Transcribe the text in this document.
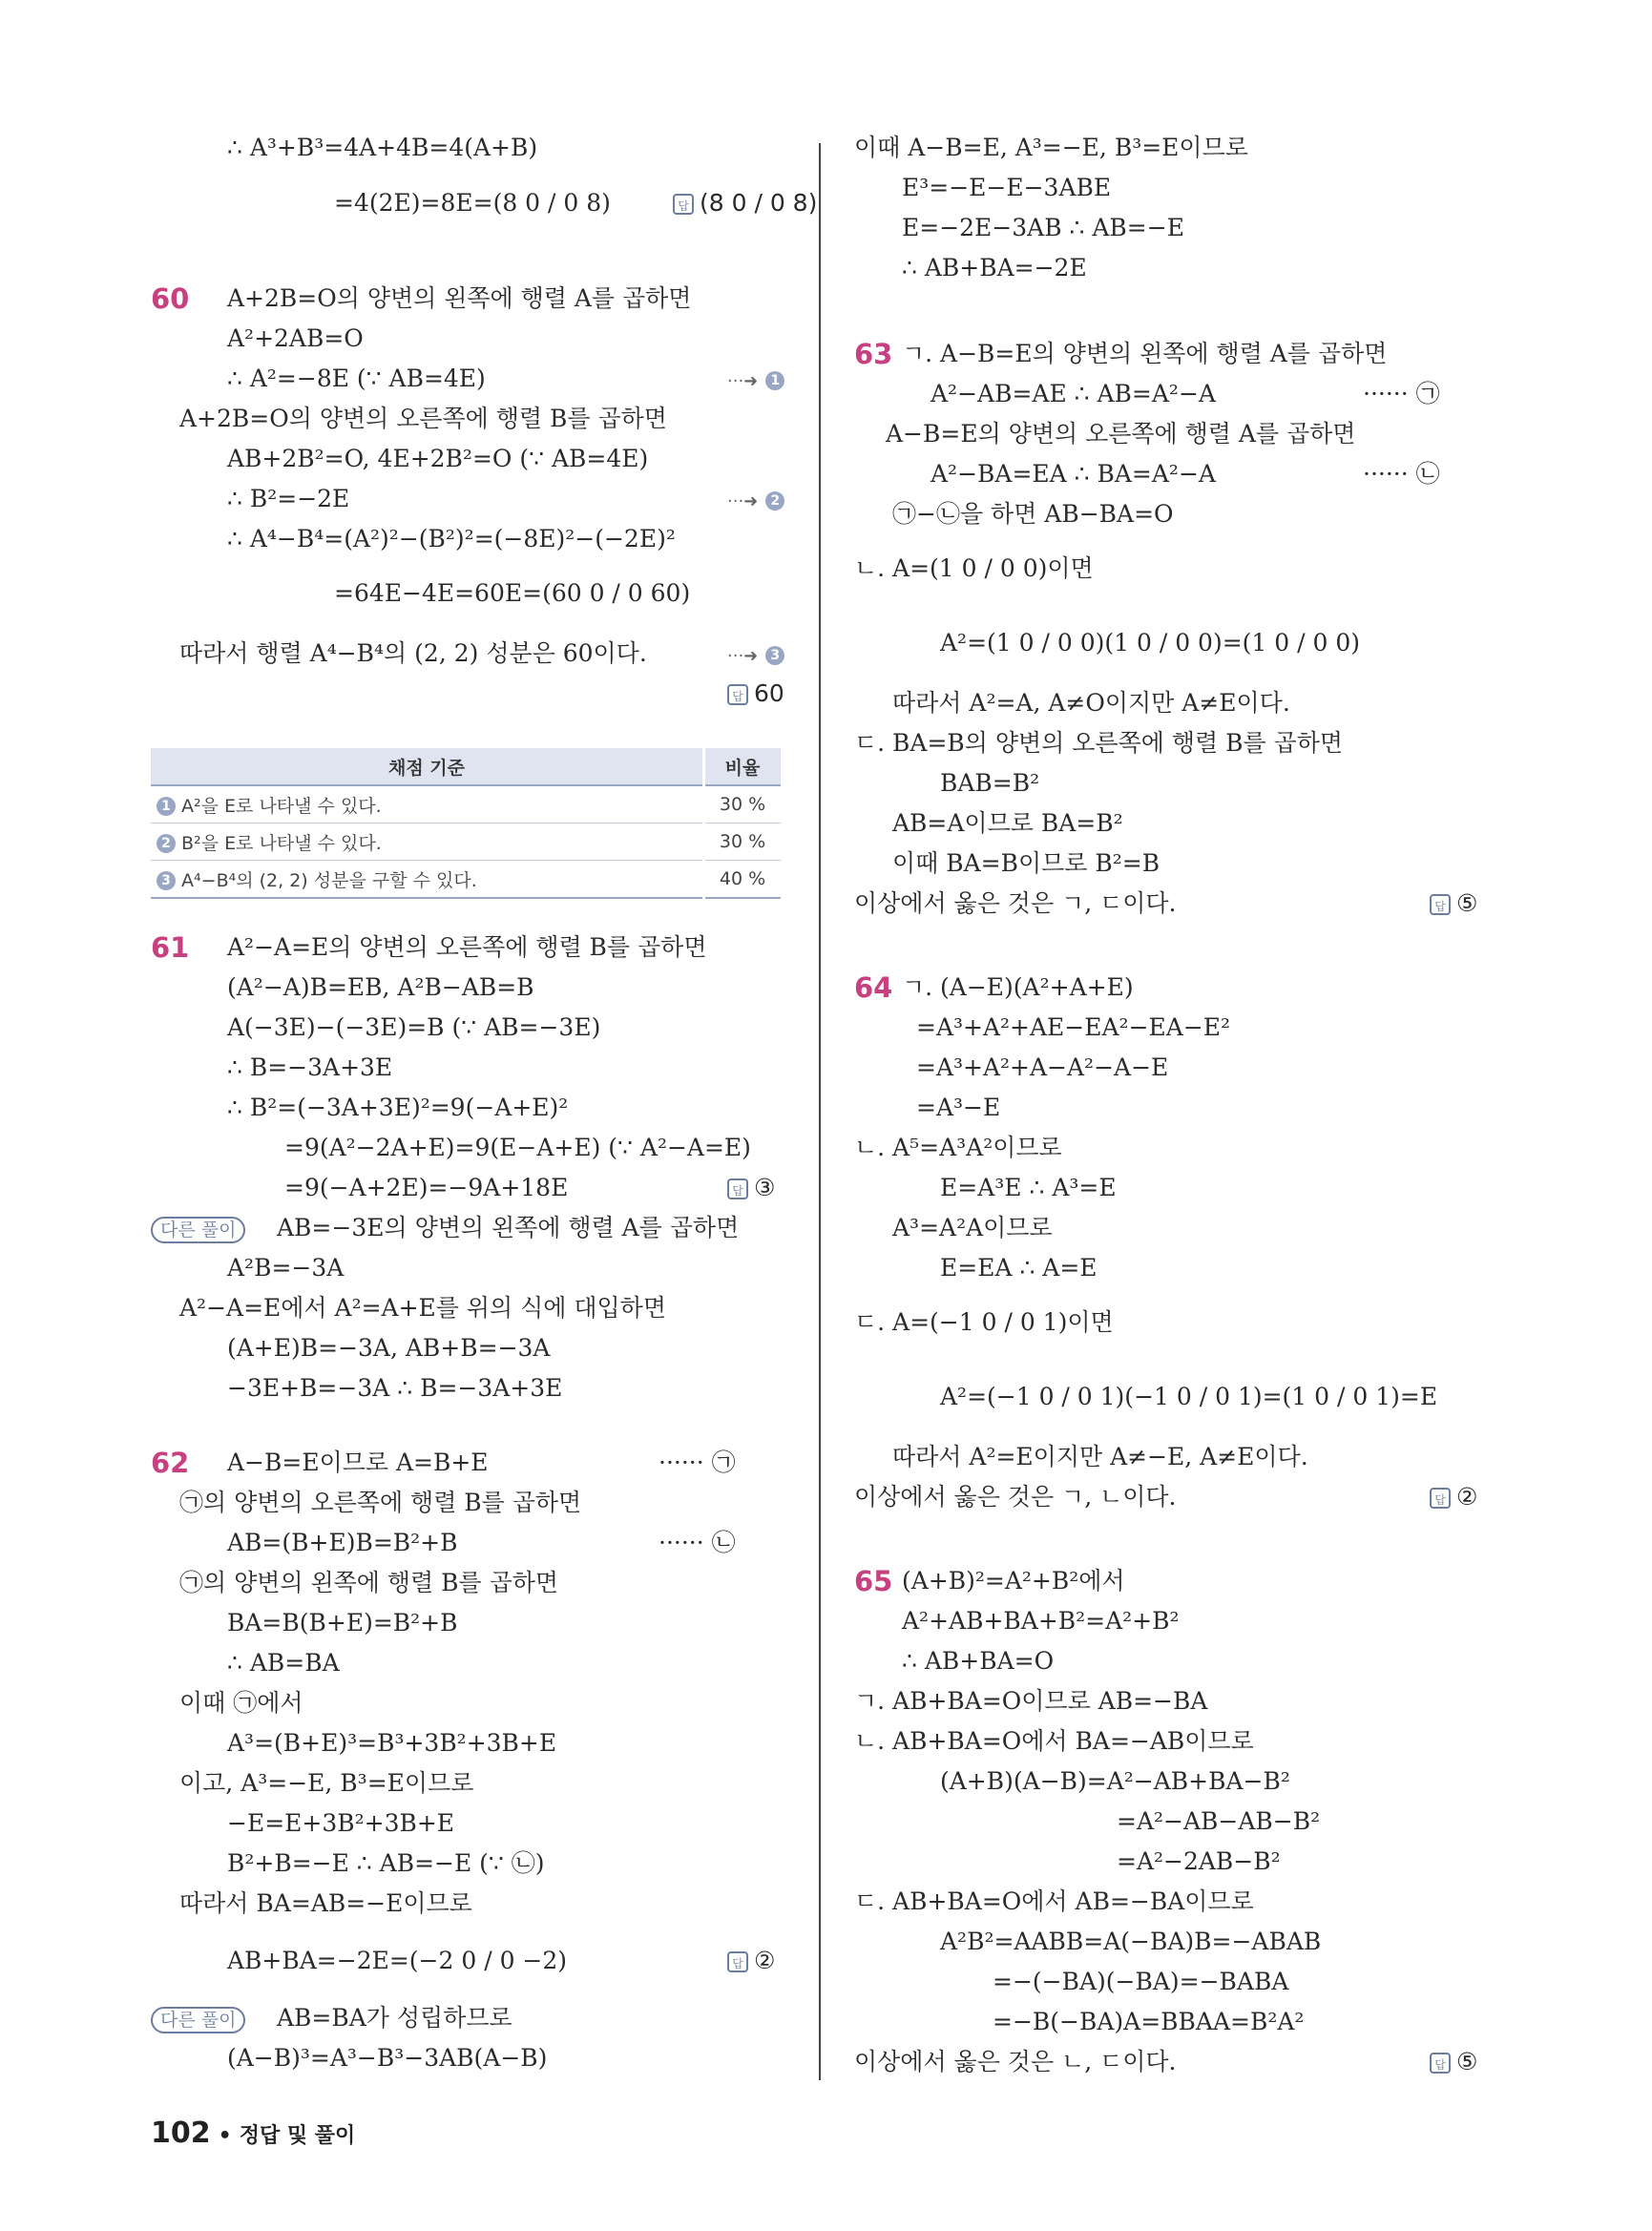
∴ A³+B³=4A+4B=4(A+B)
=4(2E)=8E=(8 0 / 0 8)
A+2B=O의 양변의 왼쪽에 행렬 A를 곱하면
A²+2AB=O
∴ A²=−8E (∵ AB=4E)
A+2B=O의 양변의 오른쪽에 행렬 B를 곱하면
AB+2B²=O, 4E+2B²=O (∵ AB=4E)
∴ B²=−2E
∴ A⁴−B⁴=(A²)²−(B²)²=(−8E)²−(−2E)²
=64E−4E=60E=(60 0 / 0 60)
따라서 행렬 A⁴−B⁴의 (2, 2) 성분은 60이다.
A²−A=E의 양변의 오른쪽에 행렬 B를 곱하면
(A²−A)B=EB, A²B−AB=B
A(−3E)−(−3E)=B (∵ AB=−3E)
∴ B=−3A+3E
∴ B²=(−3A+3E)²=9(−A+E)²
=9(A²−2A+E)=9(E−A+E) (∵ A²−A=E)
=9(−A+2E)=−9A+18E
AB=−3E의 양변의 왼쪽에 행렬 A를 곱하면
A²B=−3A
A²−A=E에서 A²=A+E를 위의 식에 대입하면
(A+E)B=−3A, AB+B=−3A
−3E+B=−3A ∴ B=−3A+3E
A−B=E이므로 A=B+E
㉠의 양변의 오른쪽에 행렬 B를 곱하면
AB=(B+E)B=B²+B
㉠의 양변의 왼쪽에 행렬 B를 곱하면
BA=B(B+E)=B²+B
∴ AB=BA
이때 ㉠에서
A³=(B+E)³=B³+3B²+3B+E
이고, A³=−E, B³=E이므로
−E=E+3B²+3B+E
B²+B=−E ∴ AB=−E (∵ ㉡)
따라서 BA=AB=−E이므로
AB+BA=−2E=(−2 0 / 0 −2)
AB=BA가 성립하므로
(A−B)³=A³−B³−3AB(A−B)
이때 A−B=E, A³=−E, B³=E이므로
E³=−E−E−3ABE
E=−2E−3AB ∴ AB=−E
∴ AB+BA=−2E
ㄱ. A−B=E의 양변의 왼쪽에 행렬 A를 곱하면
A²−AB=AE ∴ AB=A²−A
A−B=E의 양변의 오른쪽에 행렬 A를 곱하면
A²−BA=EA ∴ BA=A²−A
㉠−㉡을 하면 AB−BA=O
ㄴ. A=(1 0 / 0 0)이면
A²=(1 0 / 0 0)(1 0 / 0 0)=(1 0 / 0 0)
따라서 A²=A, A≠O이지만 A≠E이다.
ㄷ. BA=B의 양변의 오른쪽에 행렬 B를 곱하면
BAB=B²
AB=A이므로 BA=B²
이때 BA=B이므로 B²=B
이상에서 옳은 것은 ㄱ, ㄷ이다.
ㄱ. (A−E)(A²+A+E)
=A³+A²+AE−EA²−EA−E²
=A³+A²+A−A²−A−E
=A³−E
ㄴ. A⁵=A³A²이므로
E=A³E ∴ A³=E
A³=A²A이므로
E=EA ∴ A=E
ㄷ. A=(−1 0 / 0 1)이면
A²=(−1 0 / 0 1)(−1 0 / 0 1)=(1 0 / 0 1)=E
따라서 A²=E이지만 A≠−E, A≠E이다.
이상에서 옳은 것은 ㄱ, ㄴ이다.
(A+B)²=A²+B²에서
A²+AB+BA+B²=A²+B²
∴ AB+BA=O
ㄱ. AB+BA=O이므로 AB=−BA
ㄴ. AB+BA=O에서 BA=−AB이므로
(A+B)(A−B)=A²−AB+BA−B²
=A²−AB−AB−B²
=A²−2AB−B²
ㄷ. AB+BA=O에서 AB=−BA이므로
A²B²=AABB=A(−BA)B=−ABAB
=−(−BA)(−BA)=−BABA
=−B(−BA)A=BBAA=B²A²
이상에서 옳은 것은 ㄴ, ㄷ이다.
60
61
62
63
64
65
···➜ 1
···➜ 2
···➜ 3
······ ㉠
······ ㉡
······ ㉠
······ ㉡
답 (8 0 / 0 8)
답 60
답 ③
답 ②
답 ⑤
답 ②
답 ⑤
다른 풀이
다른 풀이
채점 기준	비율
1 A²을 E로 나타낼 수 있다.	30 %
2 B²을 E로 나타낼 수 있다.	30 %
3 A⁴−B⁴의 (2, 2) 성분을 구할 수 있다.	40 %
102 • 정답 및 풀이
